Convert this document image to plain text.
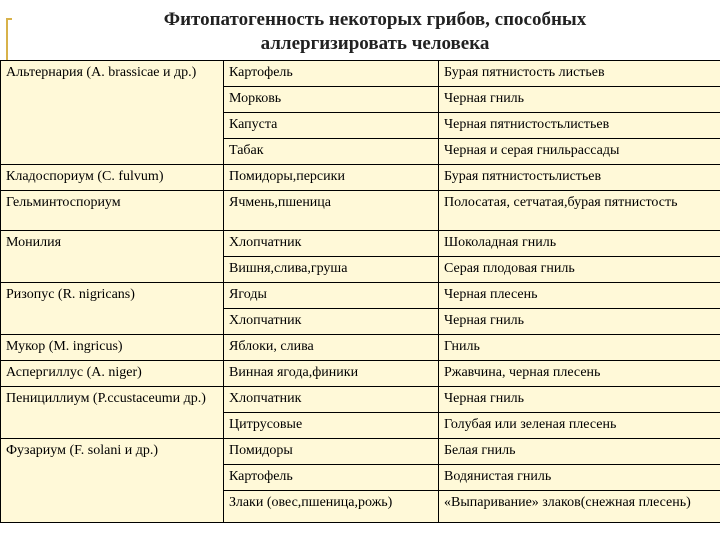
Фитопатогенность некоторых грибов, способных
аллергизировать человека
Альтернария (A. brassicae и др.)	Картофель	Бурая пятнистость листьев
	Морковь	Черная гниль
	Капуста	Черная пятнистостьлистьев
	Табак	Черная и серая гнильрассады
Кладоспориум (C. fulvum)	Помидоры,персики	Бурая пятнистостьлистьев
Гельминтоспориум	Ячмень,пшеница	Полосатая, сетчатая,бурая пятнистость
Монилия	Хлопчатник	Шоколадная гниль
	Вишня,слива,груша	Серая плодовая гниль
Ризопус (R. nigricans)	Ягоды	Черная плесень
	Хлопчатник	Черная гниль
Мукор (M. ingricus)	Яблоки, слива	Гниль
Аспергиллус (A. niger)	Винная ягода,финики	Ржавчина, черная плесень
Пенициллиум (P.ccustaceumи др.)	Хлопчатник	Черная гниль
	Цитрусовые	Голубая или зеленая плесень
Фузариум (F. solani и др.)	Помидоры	Белая гниль
	Картофель	Водянистая гниль
	Злаки (овес,пшеница,рожь)	«Выпаривание» злаков(снежная плесень)
